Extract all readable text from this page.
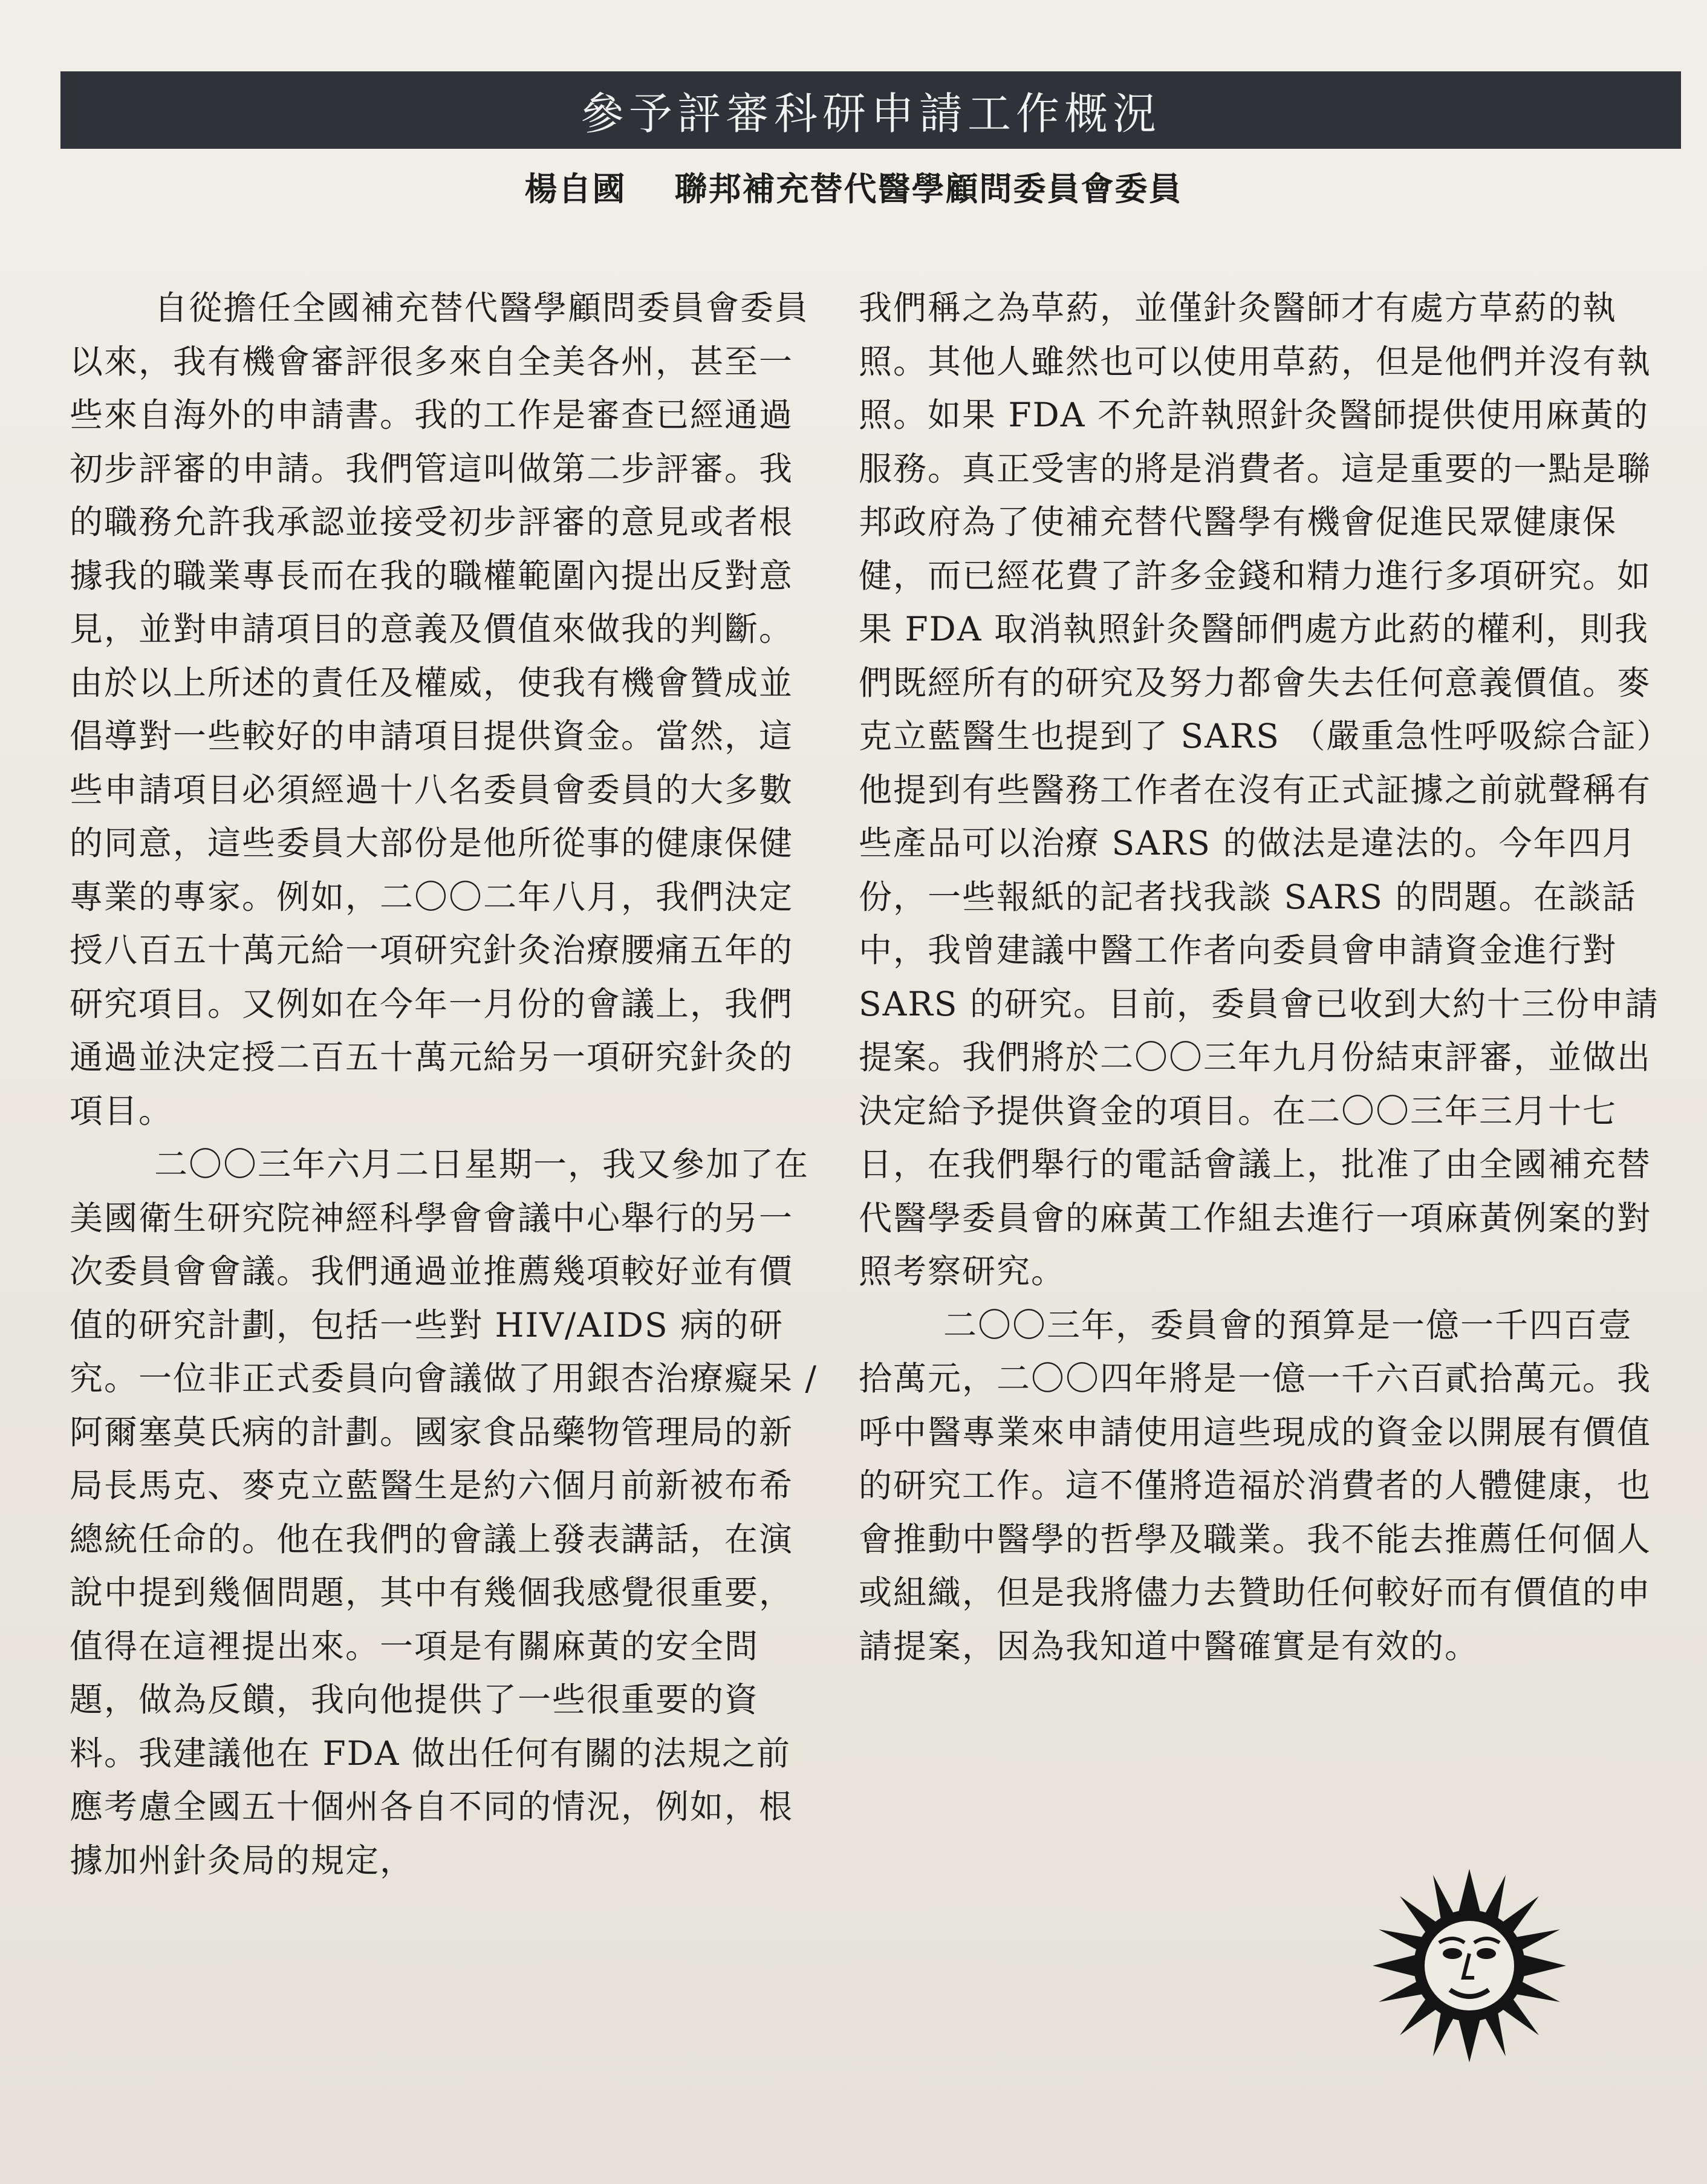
參予評審科研申請工作概況
楊自國 聯邦補充替代醫學顧問委員會委員

自從擔任全國補充替代醫學顧問委員會委員以來，我有機會審評很多來自全美各州，甚至一些來自海外的申請書。我的工作是審查已經通過初步評審的申請。我們管這叫做第二步評審。我的職務允許我承認並接受初步評審的意見或者根據我的職業專長而在我的職權範圍內提出反對意見，並對申請項目的意義及價值來做我的判斷。由於以上所述的責任及權威，使我有機會贊成並倡導對一些較好的申請項目提供資金。當然，這些申請項目必須經過十八名委員會委員的大多數的同意，這些委員大部份是他所從事的健康保健專業的專家。例如，二〇〇二年八月，我們決定授八百五十萬元給一項研究針灸治療腰痛五年的研究項目。又例如在今年一月份的會議上，我們通過並決定授二百五十萬元給另一項研究針灸的項目。

二〇〇三年六月二日星期一，我又參加了在美國衛生研究院神經科學會會議中心舉行的另一次委員會會議。我們通過並推薦幾項較好並有價值的研究計劃，包括一些對 HIV/AIDS 病的研究。一位非正式委員向會議做了用銀杏治療癡呆 / 阿爾塞莫氏病的計劃。國家食品藥物管理局的新局長馬克、麥克立藍醫生是約六個月前新被布希總統任命的。他在我們的會議上發表講話，在演說中提到幾個問題，其中有幾個我感覺很重要，值得在這裡提出來。一項是有關麻黃的安全問題，做為反饋，我向他提供了一些很重要的資料。我建議他在 FDA 做出任何有關的法規之前應考慮全國五十個州各自不同的情況，例如，根據加州針灸局的規定，

我們稱之為草葯，並僅針灸醫師才有處方草葯的執照。其他人雖然也可以使用草葯，但是他們并沒有執照。如果 FDA 不允許執照針灸醫師提供使用麻黃的服務。真正受害的將是消費者。這是重要的一點是聯邦政府為了使補充替代醫學有機會促進民眾健康保健，而已經花費了許多金錢和精力進行多項研究。如果 FDA 取消執照針灸醫師們處方此葯的權利，則我們既經所有的研究及努力都會失去任何意義價值。麥克立藍醫生也提到了 SARS （嚴重急性呼吸綜合証）他提到有些醫務工作者在沒有正式証據之前就聲稱有些產品可以治療 SARS 的做法是違法的。今年四月份，一些報紙的記者找我談 SARS 的問題。在談話中，我曾建議中醫工作者向委員會申請資金進行對 SARS 的研究。目前，委員會已收到大約十三份申請提案。我們將於二〇〇三年九月份結束評審，並做出決定給予提供資金的項目。在二〇〇三年三月十七日，在我們舉行的電話會議上，批准了由全國補充替代醫學委員會的麻黃工作組去進行一項麻黃例案的對照考察研究。

二〇〇三年，委員會的預算是一億一千四百壹拾萬元，二〇〇四年將是一億一千六百貳拾萬元。我呼中醫專業來申請使用這些現成的資金以開展有價值的研究工作。這不僅將造福於消費者的人體健康，也會推動中醫學的哲學及職業。我不能去推薦任何個人或組織，但是我將儘力去贊助任何較好而有價值的申請提案，因為我知道中醫確實是有效的。
